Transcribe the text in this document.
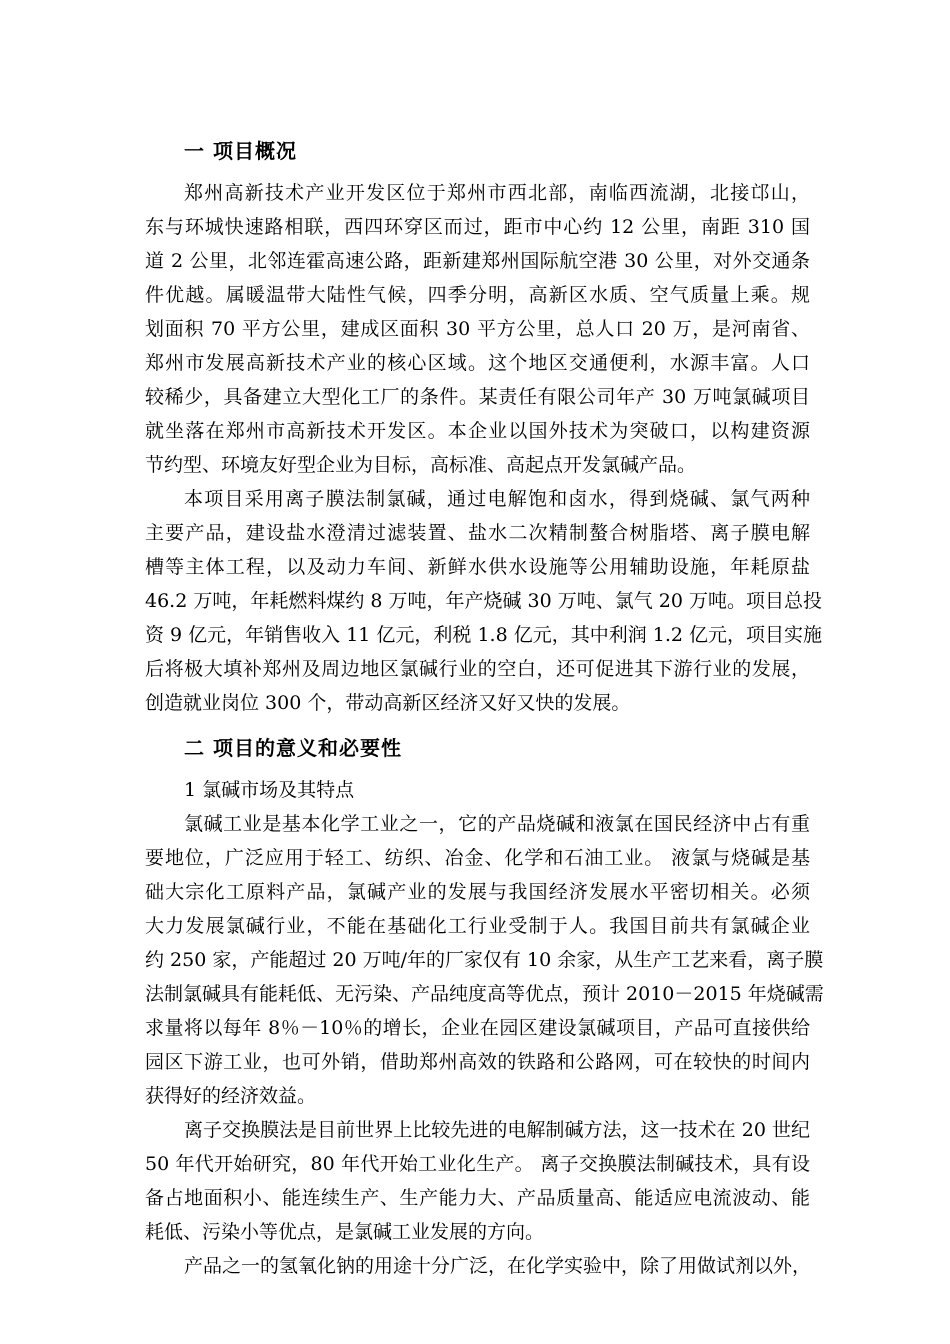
一 项目概况
郑州高新技术产业开发区位于郑州市西北部，南临西流湖，北接邙山，
东与环城快速路相联，西四环穿区而过，距市中心约 12 公里，南距 310 国
道 2 公里，北邻连霍高速公路，距新建郑州国际航空港 30 公里，对外交通条
件优越。属暖温带大陆性气候，四季分明，高新区水质、空气质量上乘。规
划面积 70 平方公里，建成区面积 30 平方公里，总人口 20 万，是河南省、
郑州市发展高新技术产业的核心区域。这个地区交通便利，水源丰富。人口
较稀少，具备建立大型化工厂的条件。某责任有限公司年产 30 万吨氯碱项目
就坐落在郑州市高新技术开发区。本企业以国外技术为突破口，以构建资源
节约型、环境友好型企业为目标，高标准、高起点开发氯碱产品。
本项目采用离子膜法制氯碱，通过电解饱和卤水，得到烧碱、氯气两种
主要产品，建设盐水澄清过滤装置、盐水二次精制螯合树脂塔、离子膜电解
槽等主体工程，以及动力车间、新鲜水供水设施等公用辅助设施，年耗原盐
46.2 万吨，年耗燃料煤约 8 万吨，年产烧碱 30 万吨、氯气 20 万吨。项目总投
资 9 亿元，年销售收入 11 亿元，利税 1.8 亿元，其中利润 1.2 亿元，项目实施
后将极大填补郑州及周边地区氯碱行业的空白，还可促进其下游行业的发展，
创造就业岗位 300 个，带动高新区经济又好又快的发展。
二 项目的意义和必要性
1 氯碱市场及其特点
氯碱工业是基本化学工业之一，它的产品烧碱和液氯在国民经济中占有重
要地位，广泛应用于轻工、纺织、冶金、化学和石油工业。 液氯与烧碱是基
础大宗化工原料产品，氯碱产业的发展与我国经济发展水平密切相关。必须
大力发展氯碱行业，不能在基础化工行业受制于人。我国目前共有氯碱企业
约 250 家，产能超过 20 万吨/年的厂家仅有 10 余家，从生产工艺来看，离子膜
法制氯碱具有能耗低、无污染、产品纯度高等优点，预计 2010－2015 年烧碱需
求量将以每年 8％－10％的增长，企业在园区建设氯碱项目，产品可直接供给
园区下游工业，也可外销，借助郑州高效的铁路和公路网，可在较快的时间内
获得好的经济效益。
离子交换膜法是目前世界上比较先进的电解制碱方法，这一技术在 20 世纪
50 年代开始研究，80 年代开始工业化生产。 离子交换膜法制碱技术，具有设
备占地面积小、能连续生产、生产能力大、产品质量高、能适应电流波动、能
耗低、污染小等优点，是氯碱工业发展的方向。
产品之一的氢氧化钠的用途十分广泛，在化学实验中，除了用做试剂以外，
